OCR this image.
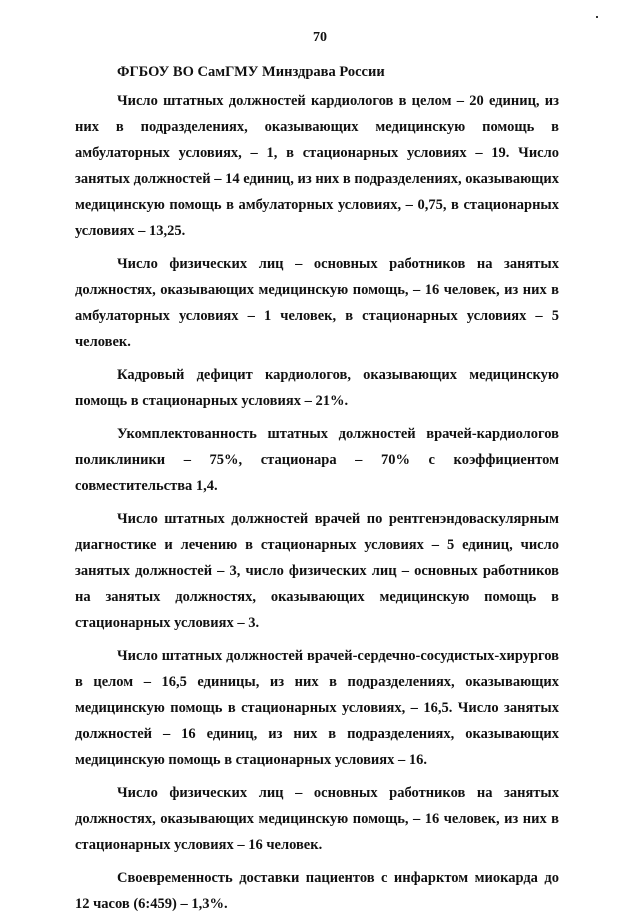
70
ФГБОУ ВО СамГМУ Минздрава России

Число штатных должностей кардиологов в целом – 20 единиц, из них в подразделениях, оказывающих медицинскую помощь в амбулаторных условиях, – 1, в стационарных условиях – 19. Число занятых должностей – 14 единиц, из них в подразделениях, оказывающих медицинскую помощь в амбулаторных условиях, – 0,75, в стационарных условиях – 13,25.

Число физических лиц – основных работников на занятых должностях, оказывающих медицинскую помощь, – 16 человек, из них в амбулаторных условиях – 1 человек, в стационарных условиях – 5 человек.

Кадровый дефицит кардиологов, оказывающих медицинскую помощь в стационарных условиях – 21%.

Укомплектованность штатных должностей врачей-кардиологов поликлиники – 75%, стационара – 70% с коэффициентом совместительства 1,4.

Число штатных должностей врачей по рентгенэндоваскулярным диагностике и лечению в стационарных условиях – 5 единиц, число занятых должностей – 3, число физических лиц – основных работников на занятых должностях, оказывающих медицинскую помощь в стационарных условиях – 3.

Число штатных должностей врачей-сердечно-сосудистых-хирургов в целом – 16,5 единицы, из них в подразделениях, оказывающих медицинскую помощь в стационарных условиях, – 16,5. Число занятых должностей – 16 единиц, из них в подразделениях, оказывающих медицинскую помощь в стационарных условиях – 16.

Число физических лиц – основных работников на занятых должностях, оказывающих медицинскую помощь, – 16 человек, из них в стационарных условиях – 16 человек.

Своевременность доставки пациентов с инфарктом миокарда до 12 часов (6:459) – 1,3%.
